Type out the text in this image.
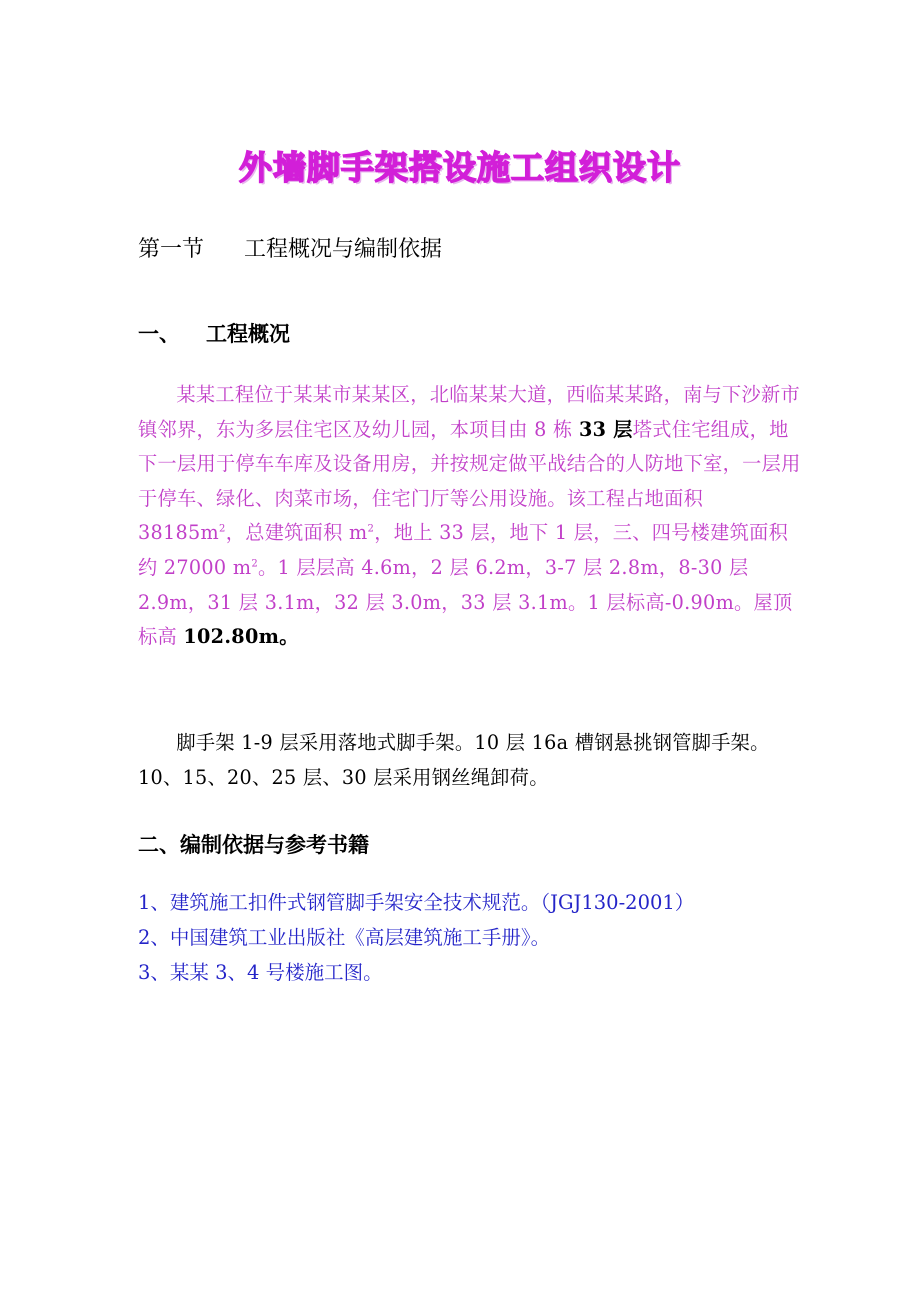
外墙脚手架搭设施工组织设计
第一节 工程概况与编制依据
一、 工程概况

某某工程位于某某市某某区，北临某某大道，西临某某路，南与下沙新市镇邻界，东为多层住宅区及幼儿园，本项目由 8 栋 33 层塔式住宅组成，地下一层用于停车车库及设备用房，并按规定做平战结合的人防地下室，一层用于停车、绿化、肉菜市场，住宅门厅等公用设施。该工程占地面积 $38185m^2$，总建筑面积 $m^2$，地上 33 层，地下 1 层，三、四号楼建筑面积约 27000 $m^2$。1 层层高 4.6m，2 层 6.2m，3-7 层 2.8m，8-30 层 2.9m，31 层 3.1m，32 层 3.0m，33 层 3.1m。1 层标高-0.90m。屋顶标高 102.80m。

脚手架 1-9 层采用落地式脚手架。10 层 16a 槽钢悬挑钢管脚手架。10、15、20、25 层、30 层采用钢丝绳卸荷。

二、编制依据与参考书籍
1、建筑施工扣件式钢管脚手架安全技术规范。（JGJ130-2001）
2、中国建筑工业出版社《高层建筑施工手册》。
3、某某 3、4 号楼施工图。
